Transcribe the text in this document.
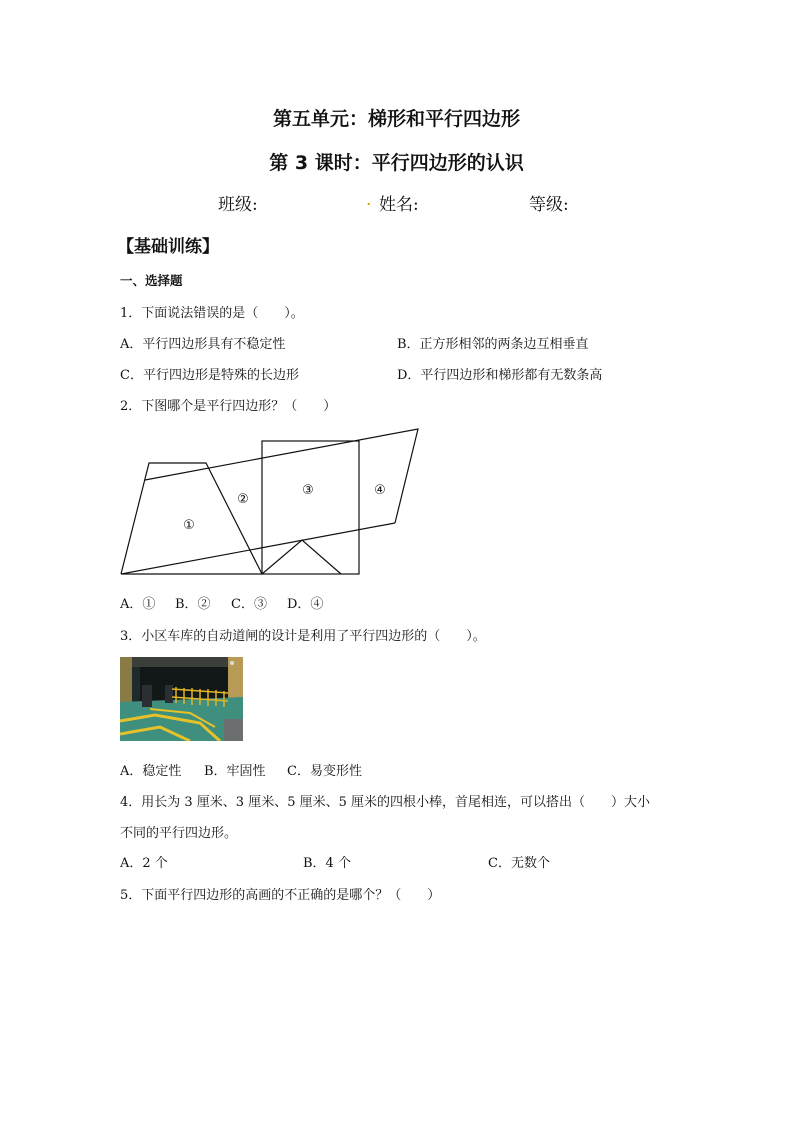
第五单元：梯形和平行四边形
第 3 课时：平行四边形的认识
班级:	. 姓名:	等级:
【基础训练】
一、选择题
1．下面说法错误的是（　　）。
A．平行四边形具有不稳定性	B．正方形相邻的两条边互相垂直
C．平行四边形是特殊的长边形	D．平行四边形和梯形都有无数条高
2．下图哪个是平行四边形？（　　）
①
②
③	④
A．① B．② C．③ D．④
3．小区车库的自动道闸的设计是利用了平行四边形的（　　）。
A．稳定性 B．牢固性 C．易变形性
4．用长为 3 厘米、3 厘米、5 厘米、5 厘米的四根小棒，首尾相连，可以搭出（　　）大小
不同的平行四边形。
A．2 个	B．4 个	C．无数个
5．下面平行四边形的高画的不正确的是哪个？（　　）
